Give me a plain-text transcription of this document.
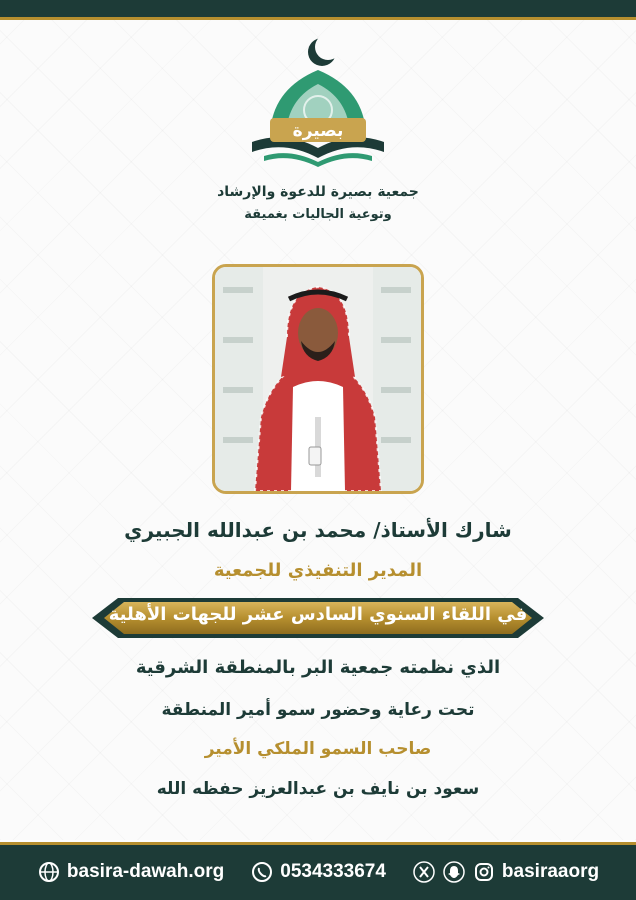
بصيرة
جمعية بصيرة للدعوة والإرشاد
وتوعية الجاليات بغميقة
شارك الأستاذ/ محمد بن عبدالله الجبيري
المدير التنفيذي للجمعية
في اللقاء السنوي السادس عشر للجهات الأهلية
الذي نظمته جمعية البر بالمنطقة الشرقية
تحت رعاية وحضور سمو أمير المنطقة
صاحب السمو الملكي الأمير
سعود بن نايف بن عبدالعزيز حفظه الله
basira-dawah.org	0534333674	basiraaorg
